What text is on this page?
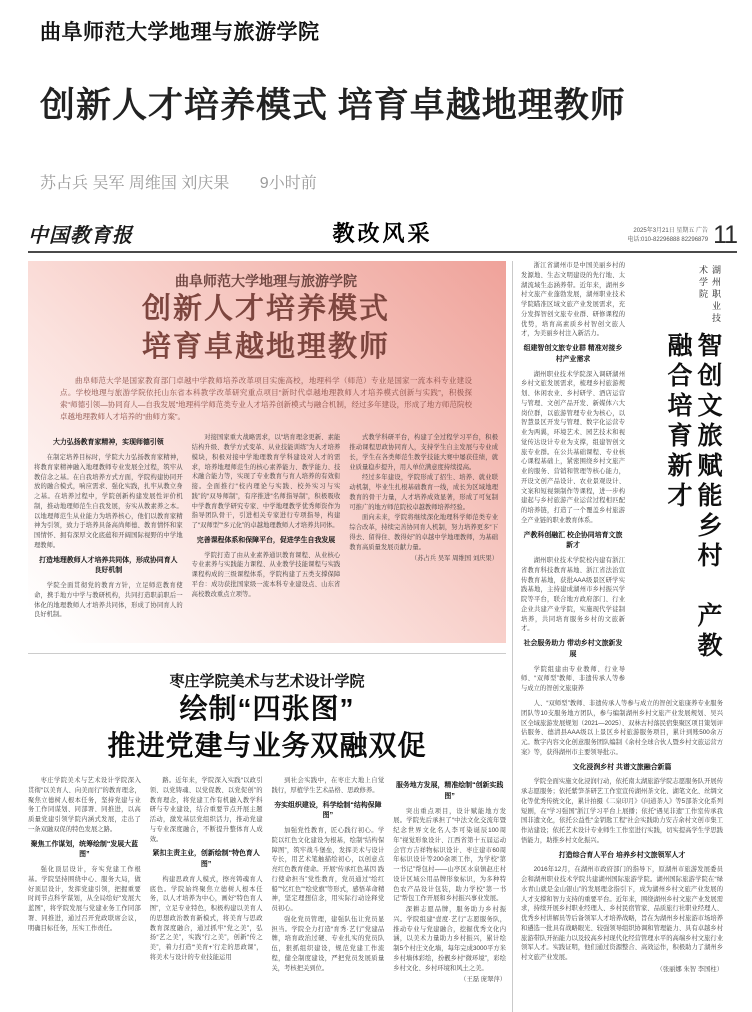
曲阜师范大学地理与旅游学院
创新人才培养模式 培育卓越地理教师
苏占兵 吴军 周维国 刘庆果 9小时前
中国教育报	教改风采	2025年3月21日 星期五 广告
电话:010-82296888 82296879 11
曲阜师范大学地理与旅游学院
创新人才培养模式
培育卓越地理教师
曲阜师范大学是国家教育部门卓越中学教师培养改革项目实施高校，地理科学（师范）专业是国家一流本科专业建设点。学校地理与旅游学院依托山东省本科教学改革研究重点项目“新时代卓越地理教师人才培养模式创新与实践”，积极探索“师德引领—协同育人—自我发展”地理科学师范类专业人才培养创新模式与融合机制，经过多年建设，形成了地方师范院校卓越地理教师人才培养的“曲师方案”。
大力弘扬教育家精神，实现师德引领
在制定培养目标时，学院大力弘扬教育家精神，将教育家精神融入地理教师专业发展全过程，筑牢从教信念之基。在自我培养方式方面，学院构建协同开放的融合模式，响应需求、强化实践，扎牢从教立身之基。在培养过程中，学院创新构建发展性评价机制，推动地理师范生自我发展，夯实从教素养之本。以地理师范生从业能力为培养核心，他们以教育家精神为引领，致力于培养具备高尚师德、教育情怀和家国情怀、拥有深厚文化底蕴和开阔国际视野的中学地理教师。
打造地理教师人才培养共同体，形成协同育人良好机制
学院全面贯彻党的教育方针，立足师范教育使命，携手地方中学与教研机构，共同打造职前职后一体化的地理教师人才培养共同体，形成了协同育人的良好机制。
对接国家重大战略需求，以“培育理念更新、素能结构升级、教学方式变革、从业技能训练”为人才培养模块，积极对接中学地理教育学科建设对人才的需求，培养地理师范生的核心素养能力、教学能力、技术融合能力等，实现了专业教育与育人培养的有效衔接。全面推行“校内理论与实践、校外实习与实践”的“双导师制”，有序推进“名师指导制”，积极吸收中学教育教学研究专家、中学地理教学优秀师资作为指导团队骨干，引进相关专家进行专项指导，构建了“双师型”“多元化”的卓越地理教师人才培养共同体。
完善课程体系和保障平台，促进学生自我发展
学院打造了由从业素养通识教育课程、从业核心专业素养与实践能力课程、从业教学技能课程与实践课程构成的三级课程体系，学院构建了五类支撑保障平台：成功获批国家级一流本科专业建设点、山东省高校教改重点立项等。
式教学科研平台，构建了全过程学习平台，积极推动课程思政协同育人，支持学生自主发展与专业成长，学生在各类师范生教学技能大赛中屡获佳绩，就业质量稳步提升，用人单位满意度持续提高。
经过多年建设，学院形成了招生、培养、就业联动机制，毕业生扎根基础教育一线，成长为区域地理教育的骨干力量，人才培养成效显著，形成了可复制可推广的地方师范院校卓越教师培养经验。
面向未来，学院将继续深化地理科学师范类专业综合改革，持续完善协同育人机制，努力培养更多“下得去、留得住、教得好”的卓越中学地理教师，为基础教育高质量发展贡献力量。
（苏占兵 吴军 周维国 刘庆果）
枣庄学院美术与艺术设计学院
绘制“四张图”
推进党建与业务双融双促
枣庄学院美术与艺术设计学院深入贯彻“以美育人、向美而行”的教育理念，聚焦立德树人根本任务，坚持党建与业务工作同谋划、同部署、同推进，以高质量党建引领学院内涵式发展，走出了一条双融双促的特色发展之路。
聚焦工作谋划，统筹绘制“发展大蓝图”
强化顶层设计，夯实党建工作根基。学院坚持围绕中心、服务大局，做好顶层设计，发挥党建引领，把握重要时间节点科学谋划，从全局绘好“发展大蓝图”，将学院发展与党建业务工作同部署、同推进，通过召开党政联席会议，明确目标任务，压实工作责任。
路。近年来，学院深入实践“以政引领、以党铸魂、以党促教、以党促创”的教育理念，将党建工作有机融入教学科研与专业建设，结合重要节点开展主题活动，激发基层党组织活力，推动党建与专业深度融合，不断提升整体育人成效。
紧扣主责主业，创新绘制“特色育人图”
构建思政育人模式，擦亮铸魂育人底色。学院始终聚焦立德树人根本任务，以人才培养为中心，画好“特色育人图”，立足专业特色，积极构建以美育人的思想政治教育新模式，将美育与思政教育深度融合，通过抓牢“党之美”，弘扬“艺之美”，实践“行之美”，创新“传之美”，着力打造“‘美育+’行走的思政课”，将美术与设计的专业技能运用
到社会实践中，在枣庄大地上自觉践行，厚植学生艺术品格、思政修养。
夯实组织建设，科学绘制“结构保障图”
加强党性教育，匠心践行初心。学院以红色文化建设为根基，绘制“结构保障图”，筑牢战斗堡垒，发挥美术与设计专长，用艺术笔触描绘初心，以创意点亮红色教育使命。开展“传承红色基因 践行使命担当”党性教育，党员通过“绘红船”“忆红色”“绘党旗”等形式，感悟革命精神，坚定理想信念，用实际行动诠释党员初心。
强化党员管理，建强队伍让党员显担当。学院全力打造“育秀·艺行”党建品牌，培育政治过硬、专业扎实的党员队伍，狠抓组织建设，规范党建工作流程，健全制度建设，严把党员发展质量关，考核把关到位。
服务地方发展，精准绘制“创新实践图”
突出重点项目，设计赋能地方发展。学院先后承担了“中法文化交流年暨纪念世界文化名人李可染诞辰100周年”视觉形象设计、江西省第十五届运动会官方吉祥物标识设计、枣庄建市60周年标识设计等200余项工作，为学校“第一书记”帮包村——山亭区水泉镇赵庄村设计区域公用品牌形象标识，为多种特色农产品设计包装，助力学校“第一书记”帮包工作开展和乡村振兴事业发展。
深耕志愿品牌，服务助力乡村振兴。学院组建“壹度·艺行”志愿服务队，推动专业与党建融合，挖掘优秀文化内涵，以美术力量助力乡村振兴，累计绘制5个村庄文化墙，每年完成3000平方米乡村墙体彩绘，扮靓乡村“微环境”，彩绘乡村文化、乡村环境和风土之美。
（王磊 庞翠萍）
浙江省湖州市是中国美丽乡村的发源地、生态文明建设的先行地、太湖流域生态涵养带。近年来，湖州乡村文旅产业蓬勃发展，湖州职业技术学院瞄准区域文旅产业发展需求，充分发挥智创文旅专业群、研修课程的优势，培育高素质乡村智创文旅人才，为美丽乡村注入新活力。
组建智创文旅专业群 精准对接乡村产业需求
湖州职业技术学院深入调研湖州乡村文旅发展需求，梳理乡村旅游规划、休闲农业、乡村研学、酒店运营与管理、文创产品开发、新媒体六大岗位群，以旅游管理专业为核心，以智慧景区开发与管理、数字化运营专业为两翼，环境艺术、园艺技术和视觉传达设计专业为支撑，组建智创文旅专业群。在公共基础课程、专业核心课程基础上，紧密围绕乡村文旅产业的服务、营销和管理等核心能力，开设文创产品设计、农业景观设计、文案和短视频制作等课程，进一步构建起与乡村旅游产业运营过程相匹配的培养链，打造了一个覆盖乡村旅游全产业链的职业教育体系。
产教科创融汇 校企协同培育文旅新才
湖州职业技术学院校内建有浙江省教育科技教育基地、浙江省法治宣传教育基地，获批AAA级景区研学实践基地，主持建成湖州市乡村振兴学院等平台，联合地方政府部门、行业企业共建产业学院，实施现代学徒制培养，共同培育服务乡村的文旅新才。
社会服务助力 带动乡村文旅新发展
学院组建由专业教师、行业导师、“双师型”教师、非遗传承人等参与成立的智创文旅康养
湖州职业技术学院
智创文旅赋能乡村　产教融合培育新才
人、“双师型”教师、非遗传承人等参与成立的智创文旅康养专业服务团队等10支服务地方团队，参与编制湖州乡村文旅产业发展规划、吴兴区全域旅游发展规划（2021—2025）、双林古村落民宿集聚区项目策划评估服务、德清县AAA级以上景区乡村旅游服务项目，累计到账500余万元。数字内容文化创意服务团队编制《余村全球合伙人暨乡村文旅运营方案》等，获得湖州市主要领导批示。
文化浸润乡村 共谱文旅融合新篇
学院全面实施文化浸润行动，依托南太湖旅游学院志愿服务队开展传承志愿服务；依托紫笋茶研艺工作室宣传湖州茶文化、湖笔文化、丝绸文化等优秀传统文化，累计拍摄《二泉印月》《问道茶人》等5部茶文化系列短剧，在“学习强国”浙江学习平台上展播；依托“遇见非遗”工作室传承我国非遗文化，依托公益性“金钥匙工程”社会实践助力安吉余村文创市集工作站建设；依托艺术设计专业师生工作室进行实践，切实提高学生学思践悟能力，助推乡村文化振兴。
打造综合育人平台 培养乡村文旅领军人才
2016年12月，在湖州市政府部门的指导下，原湖州市旅游发展委员会和湖州职业技术学院共建湖州国际旅游学院。湖州国际旅游学院在“绿水青山就是金山银山”的发展理念指引下，成为湖州乡村文旅产业发展的人才支撑和智力支持的重要平台。近年来，围绕湖州乡村文旅产业发展需求，持续开展乡村职业经理人、乡村民宿管家、品质旅行社职业经理人、优秀乡村讲解员等后备领军人才培养战略，旨在为湖州乡村旅游市场培养和遴选一批具有战略眼光、较强领导组织协调和管理能力、具有卓越乡村旅游带队开拓能力以及较高乡村现代化经营管理水平的高端乡村文旅行业领军人才。实践证明，他们通过资源整合、高效运作，积极助力了湖州乡村文旅产业发展。
（张丽娜 朱智 李国柱）
